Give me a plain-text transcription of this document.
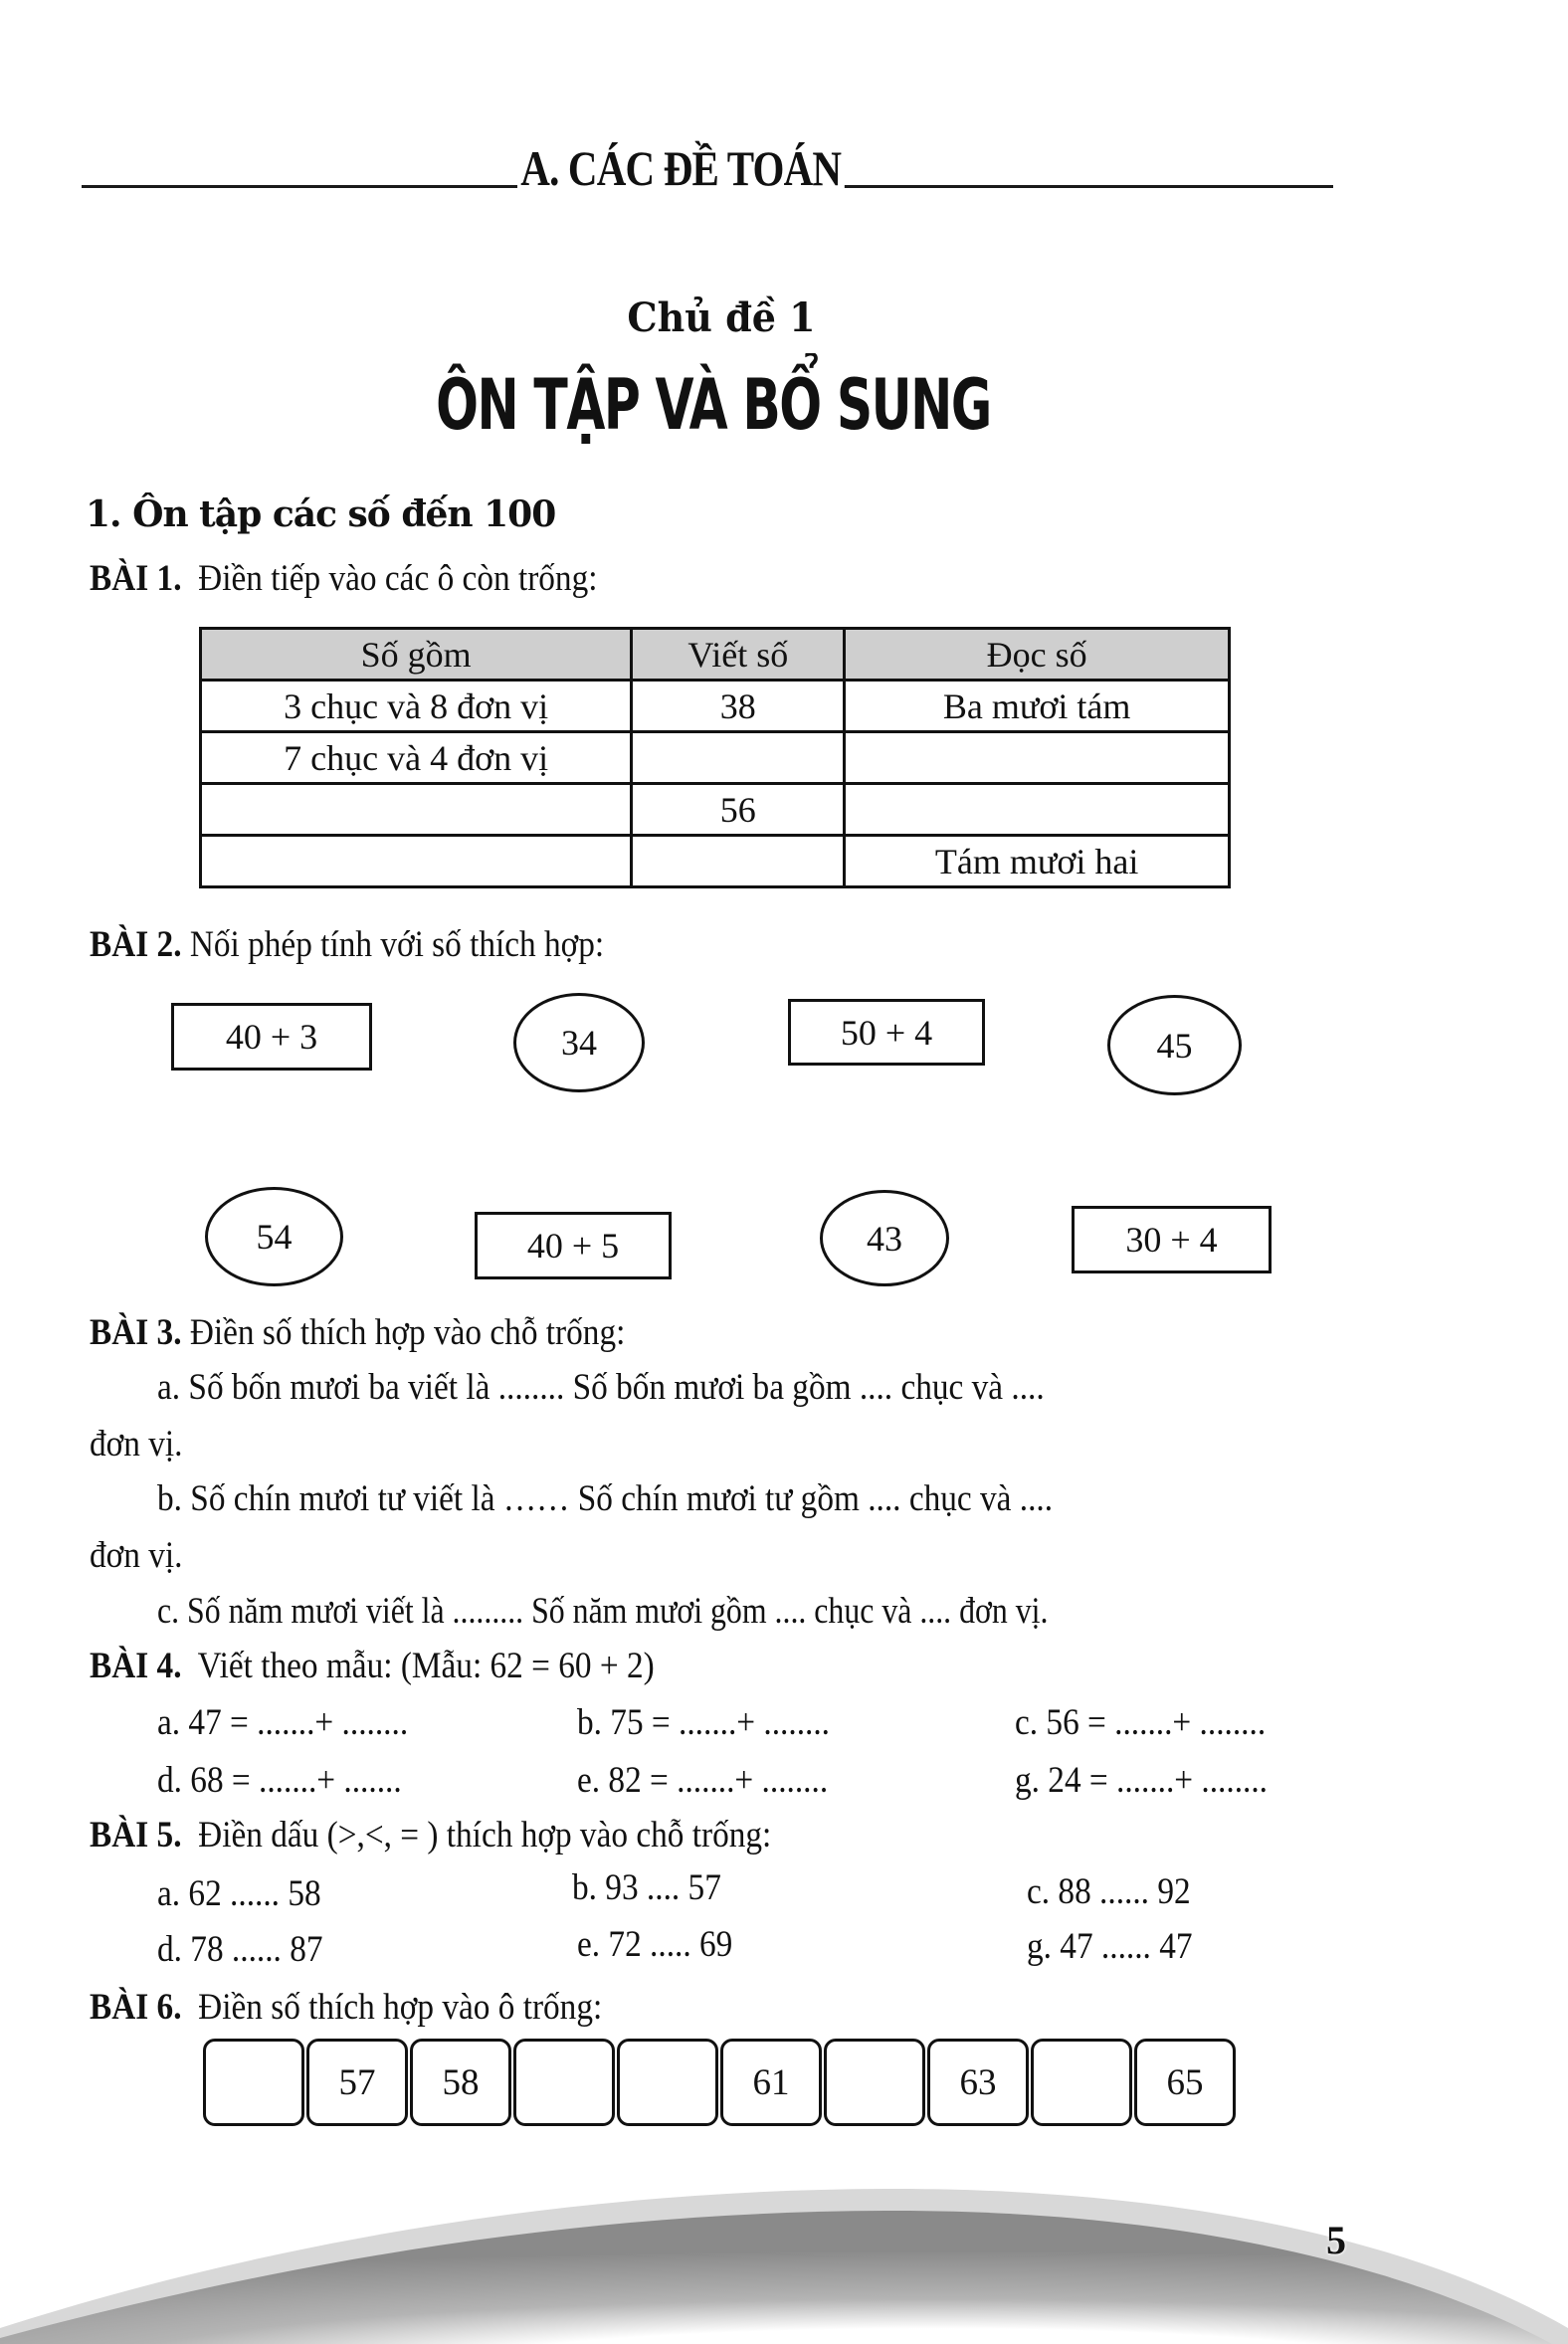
A. CÁC ĐỀ TOÁN
Chủ đề 1
ÔN TẬP VÀ BỔ SUNG
1. Ôn tập các số đến 100
BÀI 1. Điền tiếp vào các ô còn trống:
Số gồm	Viết số	Đọc số
3 chục và 8 đơn vị	38	Ba mươi tám
7 chục và 4 đơn vị		
	56	
		Tám mươi hai
BÀI 2. Nối phép tính với số thích hợp:
40 + 3	34	50 + 4	45
54	40 + 5	43	30 + 4
BÀI 3. Điền số thích hợp vào chỗ trống:
a. Số bốn mươi ba viết là ........ Số bốn mươi ba gồm .... chục và ....
đơn vị.
b. Số chín mươi tư viết là …… Số chín mươi tư gồm .... chục và ....
đơn vị.
c. Số năm mươi viết là ......... Số năm mươi gồm .... chục và .... đơn vị.
BÀI 4. Viết theo mẫu: (Mẫu: 62 = 60 + 2)
a. 47 = .......+ ........	b. 75 = .......+ ........	c. 56 = .......+ ........
d. 68 = .......+ .......	e. 82 = .......+ ........	g. 24 = .......+ ........
BÀI 5. Điền dấu (>,<, = ) thích hợp vào chỗ trống:
a. 62 ...... 58	b. 93 .... 57	c. 88 ...... 92
d. 78 ...... 87	e. 72 ..... 69	g. 47 ...... 47
BÀI 6. Điền số thích hợp vào ô trống:
57	58	61	63	65
5
